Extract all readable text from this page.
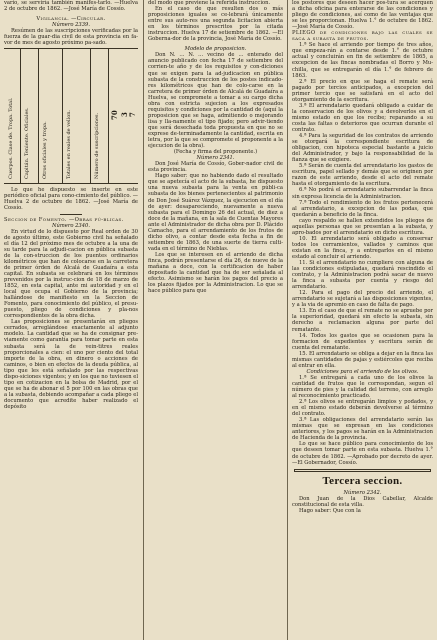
vario, se serviría también manifes-tarlo. —Huelva 2 de octubre de 1862. —José María de Cossío.

Vigilancia. —Circular.

Número 2339.

Resúmen de las suscripciones verificadas por la fuerza de la guar-dia civil de esta provincia en fa-vor de mes de agosto próximo pa-sado.

Cuerpos. Clase de. Tropa. Total. Capitán. Teniente. Oficiales. Otros oficiales y tropa.	Totales en reales de vellon.	Número de suscripciones. 70 3 7

Lo que he dispuesto se inserte en este periódico oficial para cono-cimiento del público. —Huelva 2 de octubre de 1862. —José María de Cossío.

Seccion de Fomento. —Obras pú-blicas.

Número 2340.

En virtud de lo dispuesto por Real orden de 30 de agosto último, este Gobierno civil ha señalado el día 12 del próximo mes de octubre a la una de su tarde para la adjudi-cacion en pública subasta de la con-struccion de los puentes ordinarios kilométricos que han de colocarse en la carretera de primer órden de Alcalá de Guadaíra a esta capital. En subasta se celebrará en los términos prevenidos por la instruc-cion de 18 de marzo de 1852, en esta capital, ante mi autoridad y en el local que ocupa el Gobierno de la provincia; hallándose de manifiesto en la Seccion de Fomento, para conocimiento del público, el presu-puesto, pliego de condiciones y pla-nos correspondientes de la obra dicha.

Las proposiciones se presentarán en pliegos cerrados, arreglándose exactamente al adjunto modelo. La cantidad que se ha de consignar pre-viamente como garantía para tomar parte en esta subasta será la de vein-titres reales proporcionales a cien: el uno por ciento del total importe de la obra, en dinero o acciones de caminos, o bien en efectos de la deuda pública, al tipo que les está señalado por las respectivas dispo-siciones vigentes; y en los que no tuviesen el tipo en cotizacion en la bolsa de Madrid, por el que se ha de abonar el 5 por 100 en las obras que a la subasta, debiendo acompañar a cada pliego el documento que acredite haber realizado el depósito

del modo que previene la referida instruccion.

En el caso de que resulten dos o más proposiciones iguales se ce-lebrará únicamente entre sus auto-res una segunda licitacion abierta en los términos prescritos por la citada instruccion. Huelva 17 de setiembre de 1862. —El Goberna-dor de la provincia, José María de Cossío.

Modelo de proposicion.

Don N. ... N. ... vecino de ... enterado del anuncio publicado con fecha 17 de setiembre del corrien-te año y de los requisitos y con-diciones que se exigen para la ad-judicacion en pública subasta de la construccion de los postes indicado-res kilométricos que han de colo-carse en la carretera de primer órden de Alcalá de Guadaíra a Huelva, se compromete a tomar a su cargo dicha obra con estricta sujecion a los expresados requisitos y condiciones por la cantidad de (aquí la proposicion que se haga, admitiendo o mejorando lisa y lla-namente el tipo fijado; pero advir-tiendo que será desechada toda propuesta en que no se exprese de-terminadamente la cantidad, escrita en letra, por la que se compromete el proponente a la ejecucion de la obra).

(Fecha y firma del proponente.)

Número 2341.

Don José María de Cossío, Gober-nador civil de esta provincia.

Hago saber: que no habiendo dado el resultado que se apetecía el acto de la subasta, he dispuesto una nueva subasta para la venta en públi-ca subasta de los bienes pertenecientes al patrimonio de Don José Suárez Vázquez, la ejecucion en el día de ayer: desapareciendo, nuevamente a nueva subasta para el Domingo 26 del actual, de diez a doce de la mañana, en la sala de Cuentas Mayores ante el Administrador de dicha obra por D. Plácido Camacho, para el arrendamiento de los frutos de dicho olivo, a contar desde esta fecha a fin de setiembre de 1863, de una suerte de tierra culti-vada en el término de Nieblas.

Los que se interesen en el arriendo de dicha finca, podrán presentarse el día 26, de nueve de la mañana a doce, con la certificacion de haber depositado la cantidad que ha de ser señalada al efecto. Asimismo se harán los pagos del precio a los plazos fijados por la Administracion. Lo que se hace público para que

los postores que deseen hacer pos-tura se acerquen a dicha oficina para enterarse de las condiciones y pliego de condiciones, así como de las ventajas que se les proporcionan. Huelva 1.° de octubre de 1862. —José María de Cossío.

PLIEGO de condiciones bajo las cuales se saca a subasta de frutos.

1.ª Se hace el arriendo por tiempo de tres años, que empeza-rán a contarse desde 1.° de octubre actual y concluirán en fin de setiembre de 1865, a excepcion de las fincas nombradas el Borro y Mu-chilla, que se entregarán el día 1.° de febrero de 1863.

2.ª El precio en que se haga el remate será pagado por tercios anticipados, a excepcion del primer tercio que se satisfará en el acto del otorgamiento de la escritura.

3.ª El arrendatario quedará obligado a cuidar de la conservacion de los olivos y a devolverlos en el mismo estado en que los recibe; reparando a su costa las faltas o deterioros que ocurran durante el contrato.

4.ª Para la seguridad de los contratos de arriendo se otorgará la correspondiente escritura de obligacion, con hipoteca especial bastante a juicio del Administrador, y bajo la responsabilidad de la fianza que se exigiere.

5.ª Serán de cuenta del arrendatario los gastos de escritura, papel sellado y demás que se originen por razon de este arriendo, desde el acto del remate hasta el otorgamiento de la escritura.

6.ª No podrá el arrendatario subarrendar la finca sin expresa licencia de la Administracion.

7.ª Todo el rendimiento de los frutos pertenecerá al arrendatario, a excepcion de las podas, que quedarán a beneficio de la finca.

cayo respaldo se hallen extendidos los pliegos de aquellas personas que se presentan a la subasta, y apro-bados por el arrendatario en dicho escritura.

10. El arrendatario será obligado a conservar todos los cerramientos, vallados y caminos que existan en la finca, y a entregarlos en el mismo estado al concluir el arriendo.

11. Si el arrendatario no cumpliere con alguna de las condiciones estipuladas, quedará rescindido el contrato, y la Administracion podrá sacar de nuevo la finca a subasta por cuenta y riesgo del arrendatario.

12. Para el pago del precio del arriendo, el arrendatario se sujetará a las disposiciones vigentes, y a la via de apremio en caso de falta de pago.

13. En el caso de que el remate no se apruebe por la superioridad, quedará sin efecto la subasta, sin derecho a reclamacion alguna por parte del rematante.

14. Todos los gastos que se ocasionen para la formacion de expedientes y escritura serán de cuenta del rematante.

15. El arrendatario se obliga a dejar en la finca las mismas cantidades de pajas y estiércoles que reciba al entrar en ella.

Condiciones para el arriendo de los olivos.

1.ª Se entregará a cada uno de los olivos la cantidad de frutos que le correspondan, segun el número de pies y la calidad del terreno, con arreglo al reconocimiento practicado.

2.ª Los olivos se entregarán limpios y podados, y en el mismo estado deberán devolverse al término del contrato.

3.ª Las obligaciones del arrendatario serán las mismas que se expresan en las condiciones anteriores, y los pagos se harán en la Administracion de Hacienda de la provincia.

Lo que se hace público para conocimiento de los que deseen tomar parte en esta subasta. Huelva 1.° de octubre de 1862. —Aprobado por decreto de ayer. —El Gobernador, Cossío.

Tercera seccion.

Número 2342.

Don Juan de la Dios Cabellar, Alcalde constitucional de esta villa.

Hago saber: Que con la
